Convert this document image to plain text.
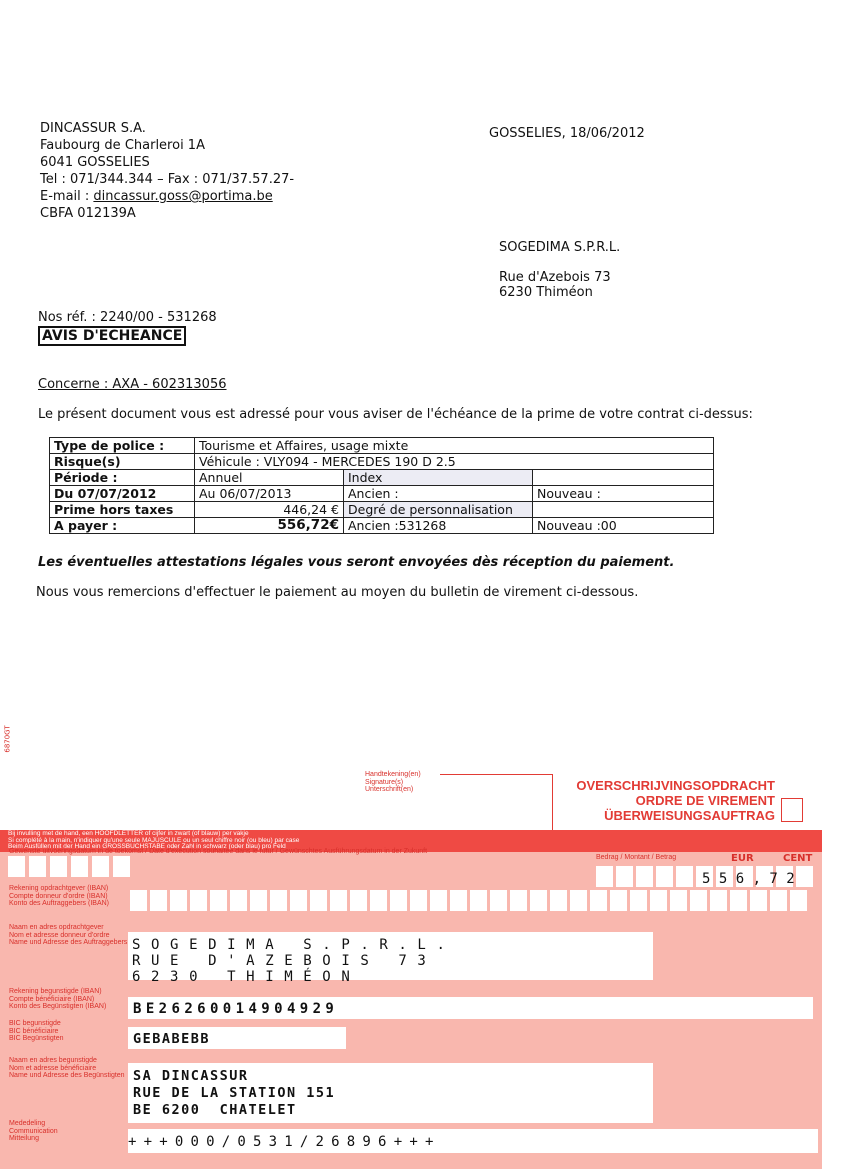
DINCASSUR S.A.
Faubourg de Charleroi 1A
6041 GOSSELIES
Tel : 071/344.344 – Fax : 071/37.57.27-
E-mail : dincassur.goss@portima.be
CBFA 012139A
GOSSELIES, 18/06/2012
SOGEDIMA S.P.R.L.
Rue d'Azebois 73
6230 Thiméon
Nos réf. : 2240/00 - 531268
AVIS D'ECHEANCE
Concerne : AXA - 602313056
Le présent document vous est adressé pour vous aviser de l'échéance de la prime de votre contrat ci-dessus:
Type de police :	Tourisme et Affaires, usage mixte		
Risque(s)	Véhicule : VLY094 - MERCEDES 190 D 2.5		
Période :	Annuel	Index	
Du 07/07/2012	Au 06/07/2013	Ancien :	Nouveau :
Prime hors taxes	446,24 €	Degré de personnalisation	
A payer :	556,72€	Ancien :531268	Nouveau :00
Les éventuelles attestations légales vous seront envoyées dès réception du paiement.
Nous vous remercions d'effectuer le paiement au moyen du bulletin de virement ci-dessous.
6870GT
Handtekening(en)
Signature(s)
Unterschrift(en)	OVERSCHRIJVINGSOPDRACHT
ORDRE DE VIREMENT
ÜBERWEISUNGSAUFTRAG
Bij invulling met de hand, een HOOFDLETTER of cijfer in zwart (of blauw) per vakje
Si complété à la main, n'indiquer qu'une seule MAJUSCULE ou un seul chiffre noir (ou bleu) par case
Beim Ausfüllen mit der Hand ein GROSSBUCHSTABE oder Zahl in schwarz (oder blau) pro Feld
Gewenste uitvoeringsdatum in de toekomst / Date d'exécution souhaitée dans le futur / Gewünschtes Ausführungsdatum in der Zukunft
Bedrag / Montant / Betrag	EUR	CENT
5 5 6 , 7 2
Rekening opdrachtgever (IBAN)
Compte donneur d'ordre (IBAN)
Konto des Auftraggebers (IBAN)
Naam en adres opdrachtgever
Nom et adresse donneur d'ordre
Name und Adresse des Auftraggebers SOGEDIMA S.P.R.L.
RUE D'AZEBOIS 73
6230 THIMÉON
Rekening begunstigde (IBAN)
Compte bénéficiaire (IBAN)
Konto des Begünstigten (IBAN) BE26260014904929
BIC begunstigde
BIC bénéficiaire
BIC Begünstigten	GEBABEBB
Naam en adres begunstigde
Nom et adresse bénéficiaire
Name und Adresse des Begünstigten SA DINCASSUR
RUE DE LA STATION 151
BE 6200  CHATELET
Mededeling
Communication
Mitteilung	+++000/0531/26896+++
